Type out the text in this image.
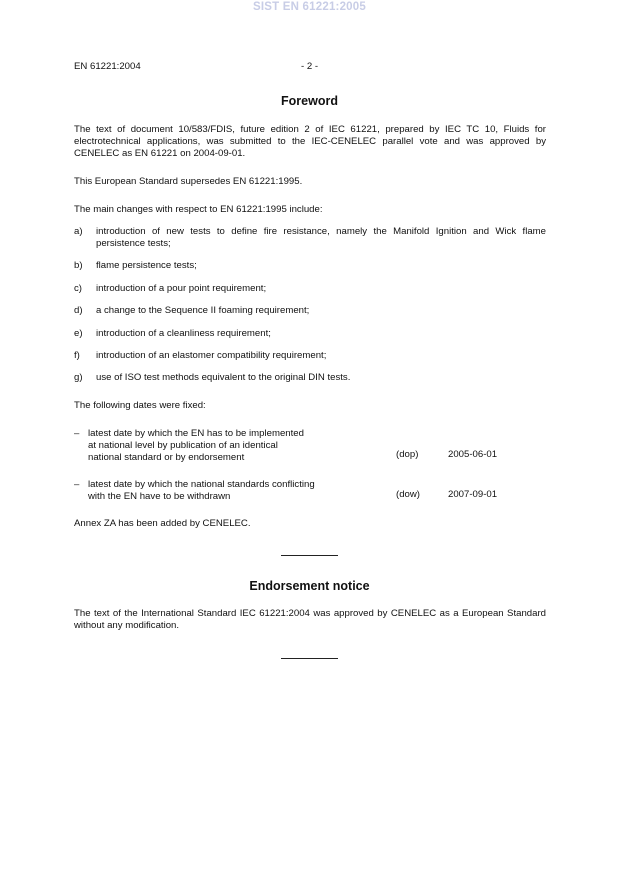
SIST EN 61221:2005
EN 61221:2004	- 2 -
Foreword
The text of document 10/583/FDIS, future edition 2 of IEC 61221, prepared by IEC TC 10, Fluids for electrotechnical applications, was submitted to the IEC-CENELEC parallel vote and was approved by CENELEC as EN 61221 on 2004-09-01.
This European Standard supersedes EN 61221:1995.
The main changes with respect to EN 61221:1995 include:
a) introduction of new tests to define fire resistance, namely the Manifold Ignition and Wick flame persistence tests;
b) flame persistence tests;
c) introduction of a pour point requirement;
d) a change to the Sequence II foaming requirement;
e) introduction of a cleanliness requirement;
f) introduction of an elastomer compatibility requirement;
g) use of ISO test methods equivalent to the original DIN tests.
The following dates were fixed:
– latest date by which the EN has to be implemented
at national level by publication of an identical
national standard or by endorsement	(dop)	2005-06-01
– latest date by which the national standards conflicting
with the EN have to be withdrawn	(dow)	2007-09-01
Annex ZA has been added by CENELEC.
Endorsement notice
The text of the International Standard IEC 61221:2004 was approved by CENELEC as a European Standard without any modification.
